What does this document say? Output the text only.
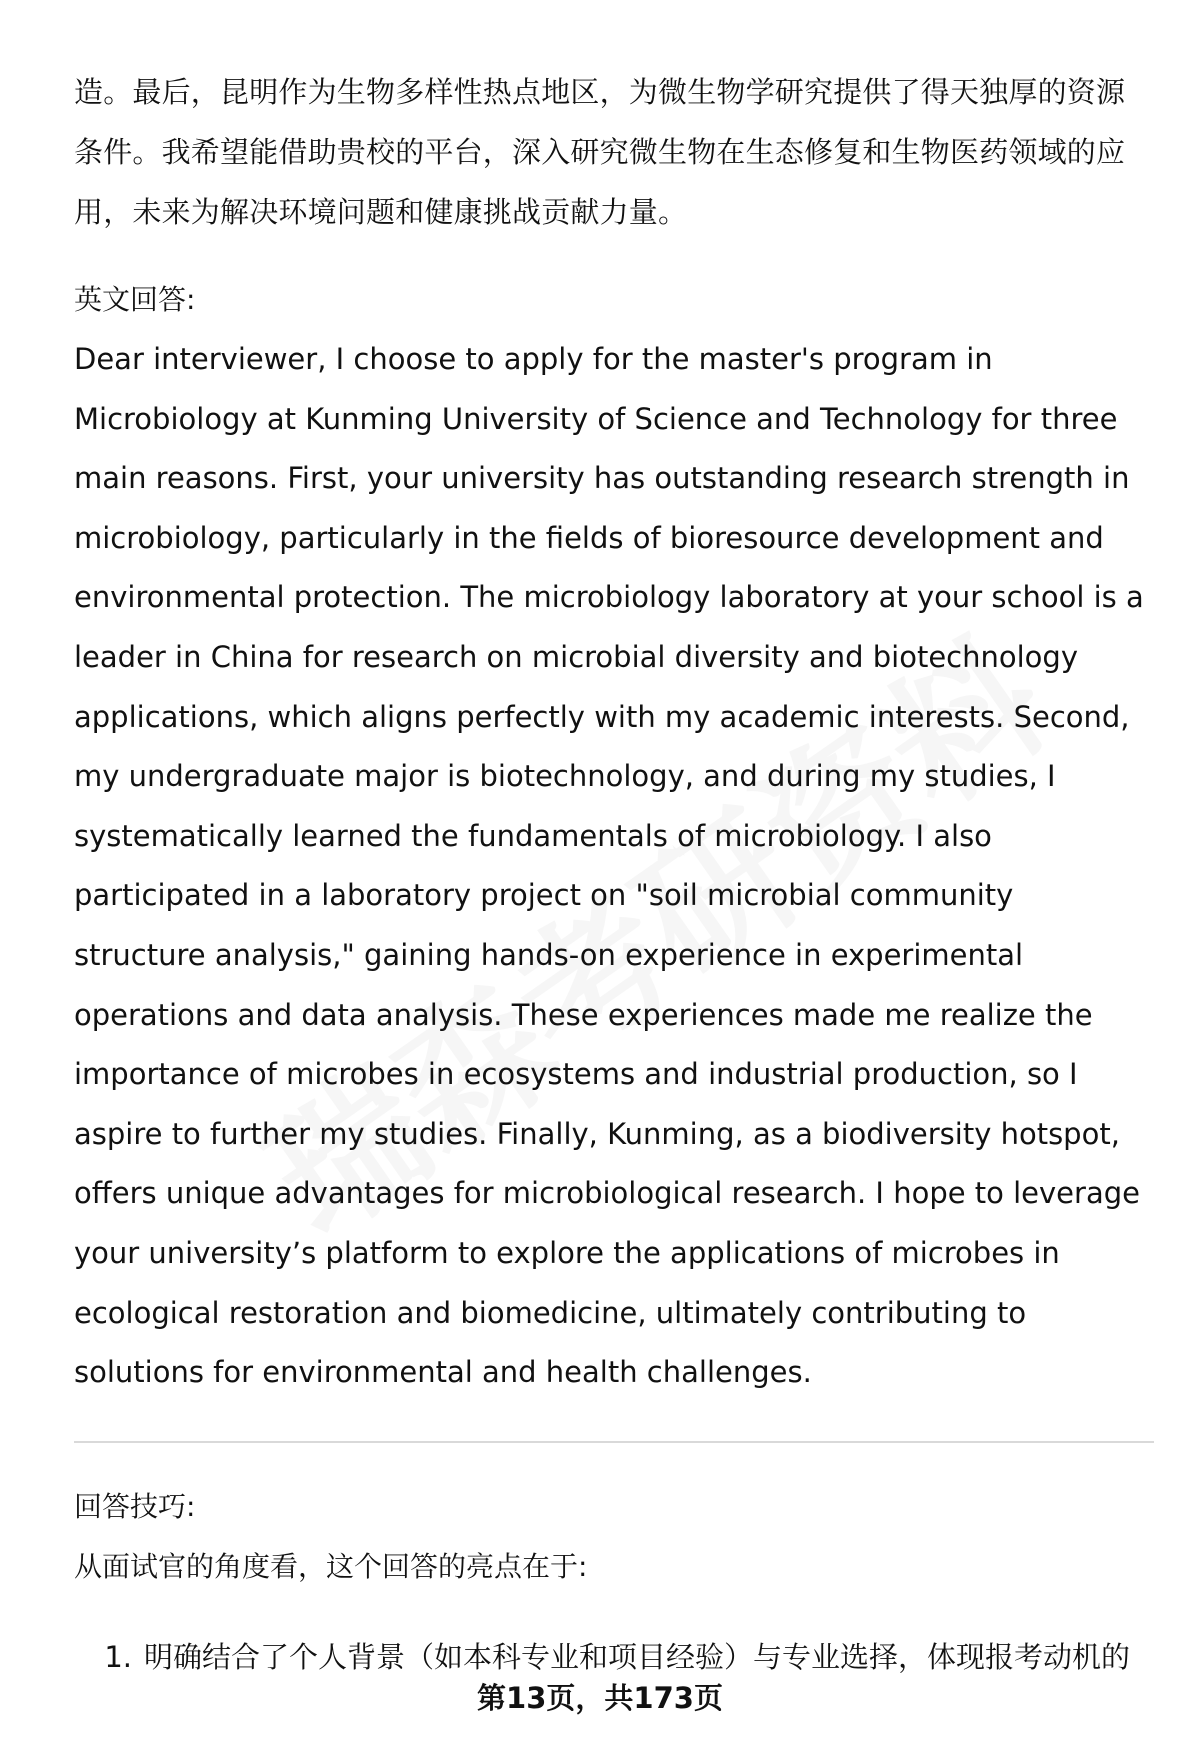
造。最后，昆明作为生物多样性热点地区，为微生物学研究提供了得天独厚的资源条件。我希望能借助贵校的平台，深入研究微生物在生态修复和生物医药领域的应用，未来为解决环境问题和健康挑战贡献力量。

英文回答:

Dear interviewer, I choose to apply for the master's program in Microbiology at Kunming University of Science and Technology for three main reasons. First, your university has outstanding research strength in microbiology, particularly in the fields of bioresource development and environmental protection. The microbiology laboratory at your school is a leader in China for research on microbial diversity and biotechnology applications, which aligns perfectly with my academic interests. Second, my undergraduate major is biotechnology, and during my studies, I systematically learned the fundamentals of microbiology. I also participated in a laboratory project on "soil microbial community structure analysis," gaining hands-on experience in experimental operations and data analysis. These experiences made me realize the importance of microbes in ecosystems and industrial production, so I aspire to further my studies. Finally, Kunming, as a biodiversity hotspot, offers unique advantages for microbiological research. I hope to leverage your university’s platform to explore the applications of microbes in ecological restoration and biomedicine, ultimately contributing to solutions for environmental and health challenges.

回答技巧:

从面试官的角度看，这个回答的亮点在于:

1. 明确结合了个人背景（如本科专业和项目经验）与专业选择，体现报考动机的
第13页，共173页
